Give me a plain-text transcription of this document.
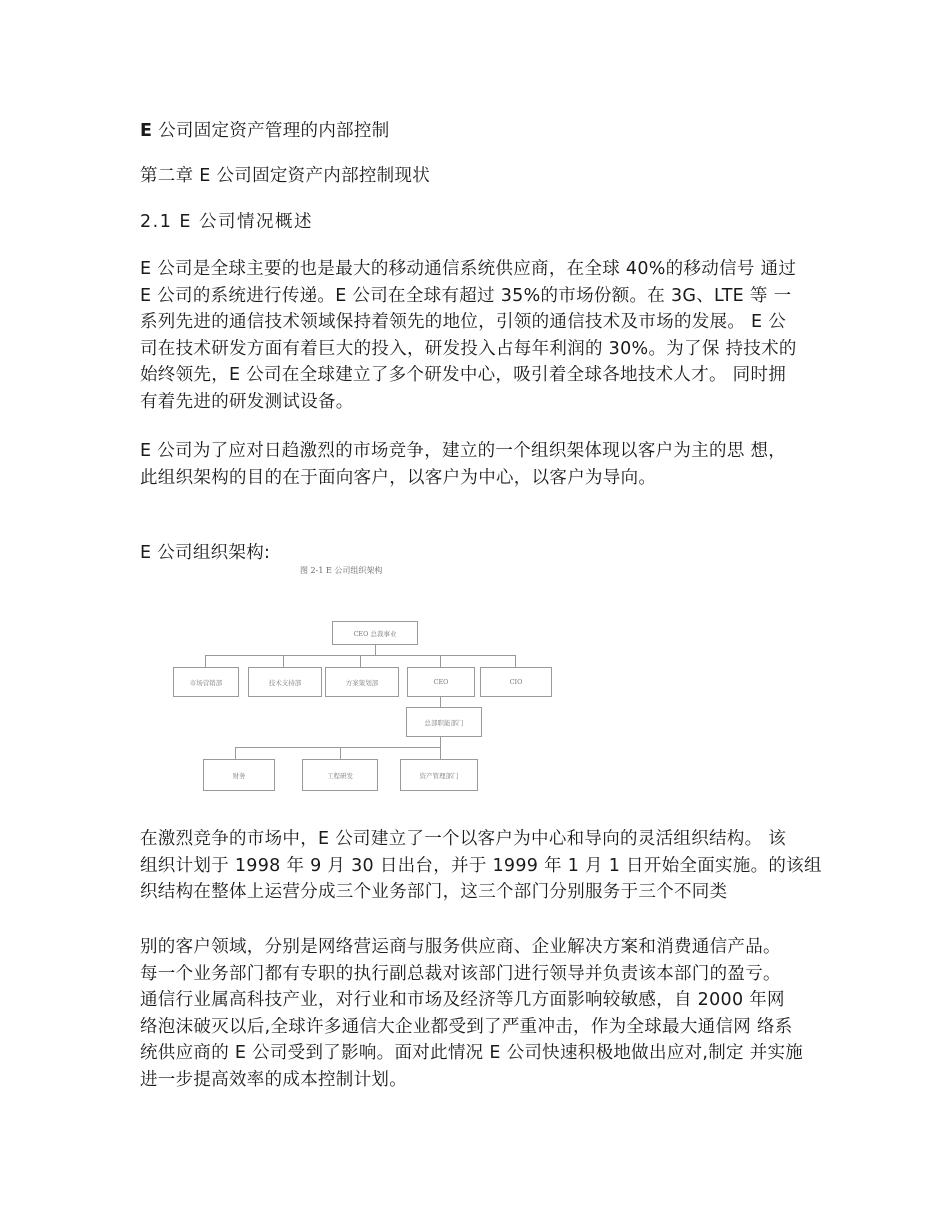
E 公司固定资产管理的内部控制
第二章 E 公司固定资产内部控制现状
2.1 E 公司情况概述
E 公司是全球主要的也是最大的移动通信系统供应商，在全球 40%的移动信号 通过
E 公司的系统进行传递。E 公司在全球有超过 35%的市场份额。在 3G、LTE 等 一
系列先进的通信技术领域保持着领先的地位，引领的通信技术及市场的发展。 E 公
司在技术研发方面有着巨大的投入，研发投入占每年利润的 30%。为了保 持技术的
始终领先，E 公司在全球建立了多个研发中心，吸引着全球各地技术人才。 同时拥
有着先进的研发测试设备。
E 公司为了应对日趋激烈的市场竞争，建立的一个组织架体现以客户为主的思 想，
此组织架构的目的在于面向客户，以客户为中心，以客户为导向。
E 公司组织架构:
图 2-1 E 公司组织架构
CEO 总裁事业
市场营销部	技术支持部	方案策划部	CEO	CIO
总部职能部门
财务	工程研发	资产管理部门
在激烈竞争的市场中，E 公司建立了一个以客户为中心和导向的灵活组织结构。 该
组织计划于 1998 年 9 月 30 日出台，并于 1999 年 1 月 1 日开始全面实施。的该组
织结构在整体上运营分成三个业务部门，这三个部门分别服务于三个不同类
别的客户领域，分别是网络营运商与服务供应商、企业解决方案和消费通信产品。
每一个业务部门都有专职的执行副总裁对该部门进行领导并负责该本部门的盈亏。
通信行业属高科技产业，对行业和市场及经济等几方面影响较敏感，自 2000 年网
络泡沫破灭以后,全球许多通信大企业都受到了严重冲击，作为全球最大通信网 络系
统供应商的 E 公司受到了影响。面对此情况 E 公司快速积极地做出应对,制定 并实施
进一步提高效率的成本控制计划。
